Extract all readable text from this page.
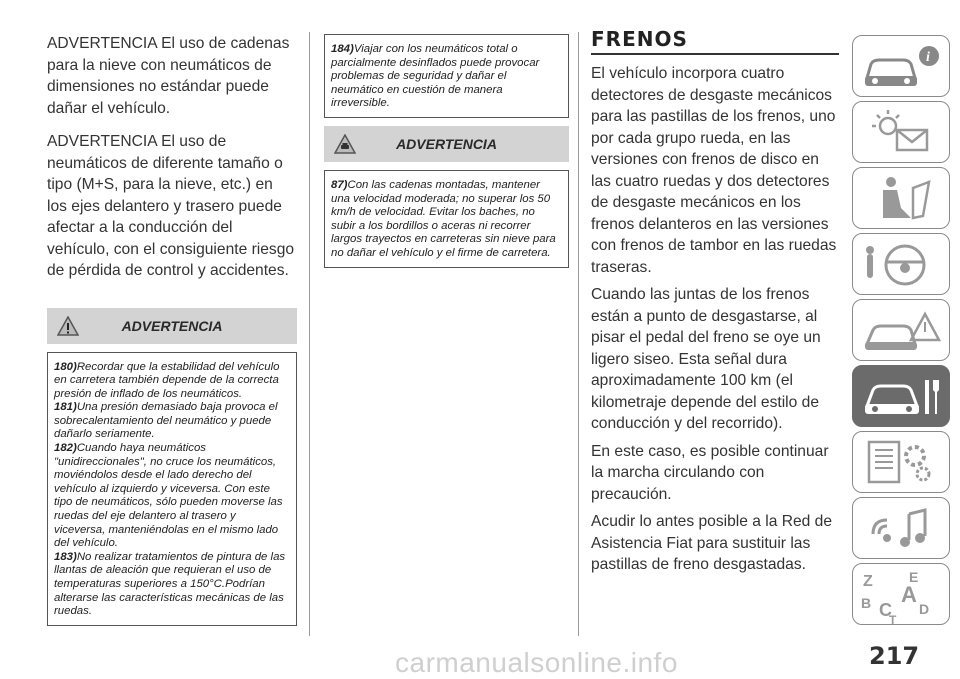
ADVERTENCIA El uso de cadenas para la nieve con neumáticos de dimensiones no estándar puede dañar el vehículo.

ADVERTENCIA El uso de neumáticos de diferente tamaño o tipo (M+S, para la nieve, etc.) en los ejes delantero y trasero puede afectar a la conducción del vehículo, con el consiguiente riesgo de pérdida de control y accidentes.

ADVERTENCIA

180)Recordar que la estabilidad del vehículo en carretera también depende de la correcta presión de inflado de los neumáticos.

181)Una presión demasiado baja provoca el sobrecalentamiento del neumático y puede dañarlo seriamente.

182)Cuando haya neumáticos "unidireccionales", no cruce los neumáticos, moviéndolos desde el lado derecho del vehículo al izquierdo y viceversa. Con este tipo de neumáticos, sólo pueden moverse las ruedas del eje delantero al trasero y viceversa, manteniéndolas en el mismo lado del vehículo.

183)No realizar tratamientos de pintura de las llantas de aleación que requieran el uso de temperaturas superiores a 150°C.Podrían alterarse las características mecánicas de las ruedas.

184)Viajar con los neumáticos total o parcialmente desinflados puede provocar problemas de seguridad y dañar el neumático en cuestión de manera irreversible.

ADVERTENCIA

87)Con las cadenas montadas, mantener una velocidad moderada; no superar los 50 km/h de velocidad. Evitar los baches, no subir a los bordillos o aceras ni recorrer largos trayectos en carreteras sin nieve para no dañar el vehículo y el firme de carretera.

FRENOS

El vehículo incorpora cuatro detectores de desgaste mecánicos para las pastillas de los frenos, uno por cada grupo rueda, en las versiones con frenos de disco en las cuatro ruedas y dos detectores de desgaste mecánicos en los frenos delanteros en las versiones con frenos de tambor en las ruedas traseras.

Cuando las juntas de los frenos están a punto de desgastarse, al pisar el pedal del freno se oye un ligero siseo. Esta señal dura aproximadamente 100 km (el kilometraje depende del estilo de conducción y del recorrido).

En este caso, es posible continuar la marcha circulando con precaución.

Acudir lo antes posible a la Red de Asistencia Fiat para sustituir las pastillas de freno desgastadas.

i
Z	E
B A
C D
T
carmanualsonline.info	217
